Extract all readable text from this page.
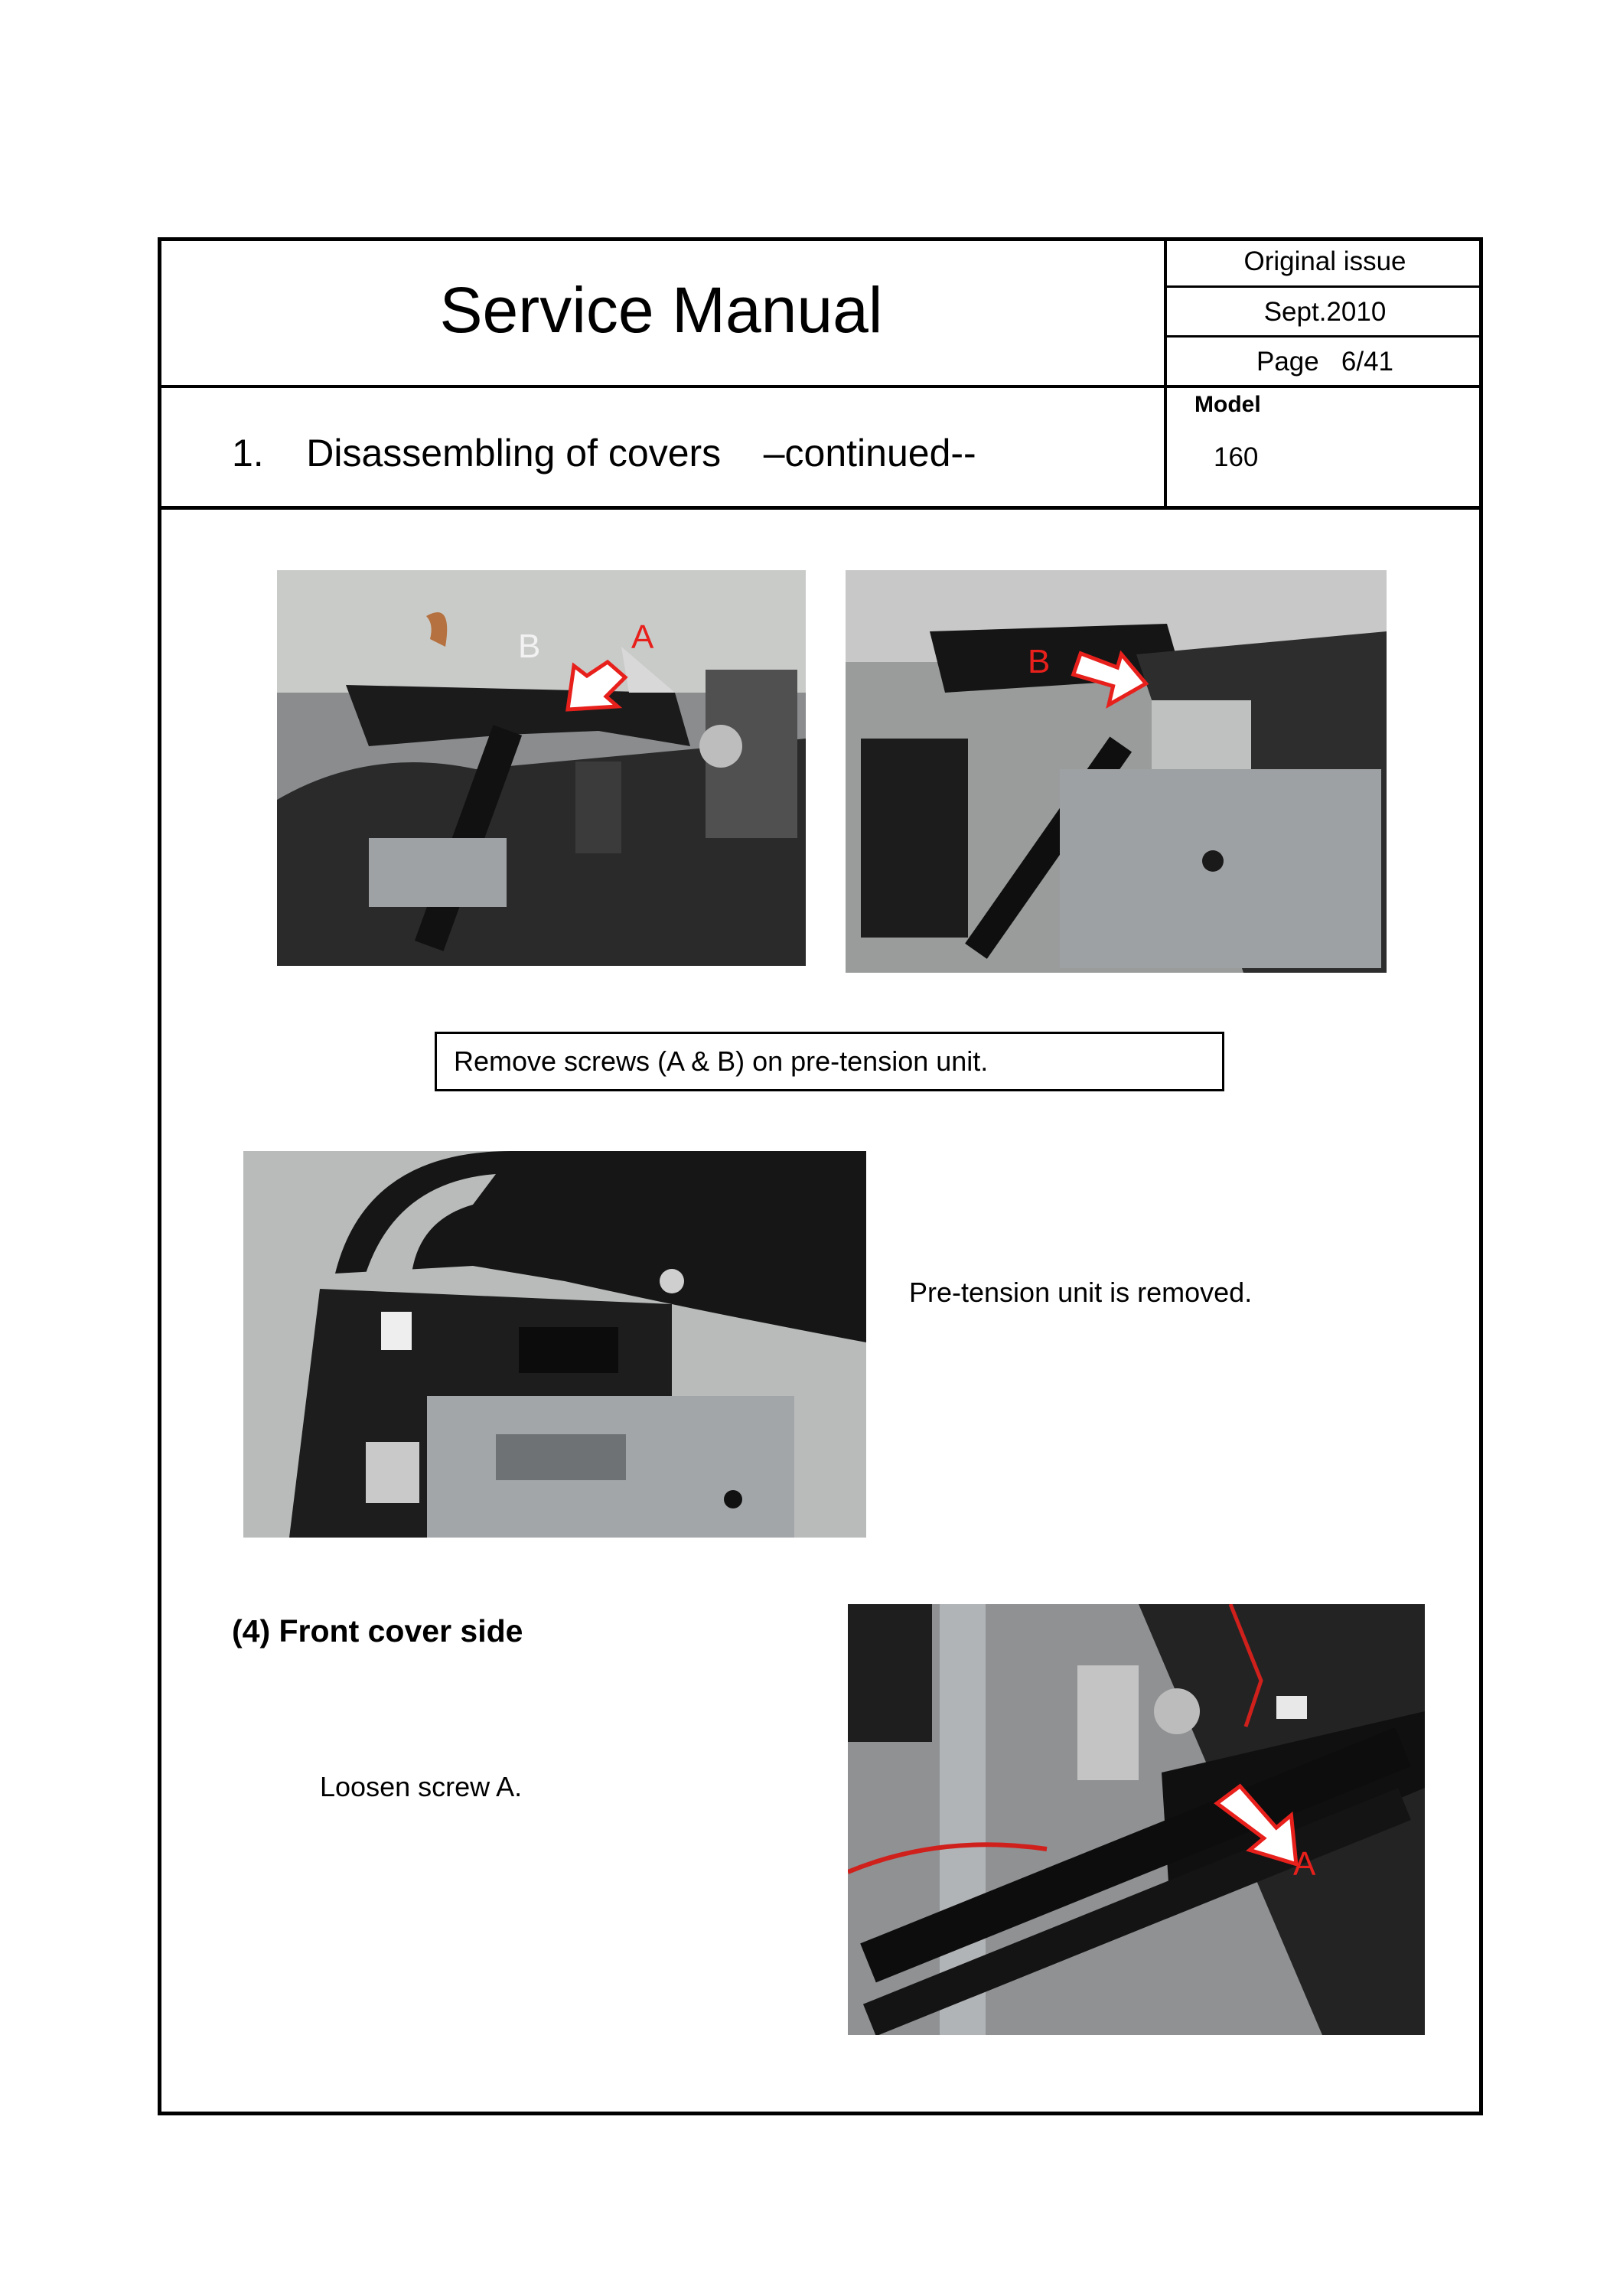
Service Manual
Original issue
Sept.2010
Page 6/41
Model
160
1. Disassembling of covers –continued--
B	A
B
Remove screws (A & B) on pre-tension unit.
Pre-tension unit is removed.
(4) Front cover side
Loosen screw A.
A
